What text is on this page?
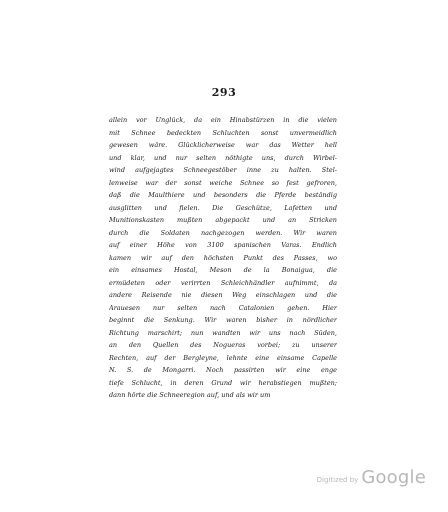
293
allein vor Unglück, da ein Hinabstürzen in die vielen
mit Schnee bedeckten Schluchten sonst unvermeidlich
gewesen wäre. Glücklicherweise war das Wetter hell
und klar, und nur selten nöthigte uns, durch Wirbel-
wind aufgejagtes Schneegestöber inne zu halten. Stel-
lenweise war der sonst weiche Schnee so fest gefroren,
daß die Maulthiere und besonders die Pferde beständig
ausglitten und fielen. Die Geschütze, Lafetten und
Munitionskasten mußten abgepackt und an Stricken
durch die Soldaten nachgezogen werden. Wir waren
auf einer Höhe von 3100 spanischen Varas. Endlich
kamen wir auf den höchsten Punkt des Passes, wo
ein einsames Hostal, Meson de la Bonaigua, die
ermüdeten oder verirrten Schleichhändler aufnimmt, da
andere Reisende nie diesen Weg einschlagen und die
Arauesen nur selten nach Catalonien gehen. Hier
beginnt die Senkung. Wir waren bisher in nördlicher
Richtung marschirt; nun wandten wir uns nach Süden,
an den Quellen des Nogueras vorbei; zu unserer
Rechten, auf der Bergleyne, lehnte eine einsame Capelle
N. S. de Mongarri. Noch passirten wir eine enge
tiefe Schlucht, in deren Grund wir herabstiegen mußten;
dann hörte die Schneeregion auf, und als wir um
Digitized by Google
